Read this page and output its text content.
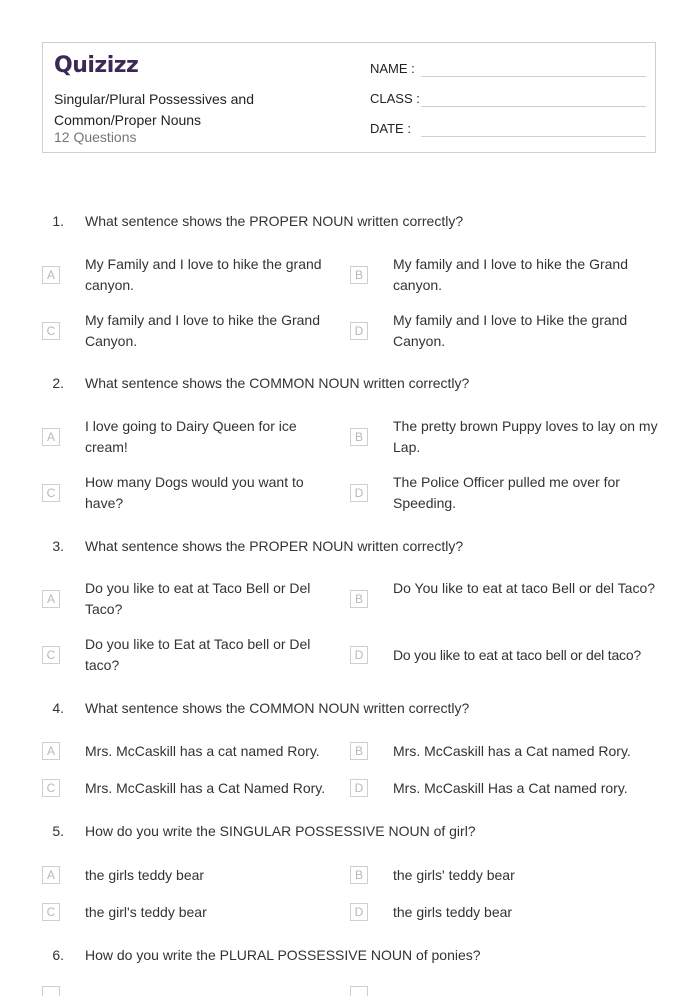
Quizizz
Singular/Plural Possessives and Common/Proper Nouns
12 Questions
NAME :
CLASS :
DATE :
1. What sentence shows the PROPER NOUN written correctly?
A
My Family and I love to hike the grand canyon.
B
My family and I love to hike the Grand canyon.
C
My family and I love to hike the Grand Canyon.
D
My family and I love to Hike the grand Canyon.
2. What sentence shows the COMMON NOUN written correctly?
A
I love going to Dairy Queen for ice cream!
B
The pretty brown Puppy loves to lay on my Lap.
C
How many Dogs would you want to have?
D
The Police Officer pulled me over for Speeding.
3. What sentence shows the PROPER NOUN written correctly?
A
Do you like to eat at Taco Bell or Del Taco?
B
Do You like to eat at taco Bell or del Taco?
C
Do you like to Eat at Taco bell or Del taco?
D	Do you like to eat at taco bell or del taco?
4. What sentence shows the COMMON NOUN written correctly?
A	Mrs. McCaskill has a cat named Rory.	B	Mrs. McCaskill has a Cat named Rory.
C	Mrs. McCaskill has a Cat Named Rory.	D	Mrs. McCaskill Has a Cat named rory.
5. How do you write the SINGULAR POSSESSIVE NOUN of girl?
A	the girls teddy bear	B	the girls' teddy bear
C	the girl's teddy bear	D	the girls teddy bear
6. How do you write the PLURAL POSSESSIVE NOUN of ponies?
